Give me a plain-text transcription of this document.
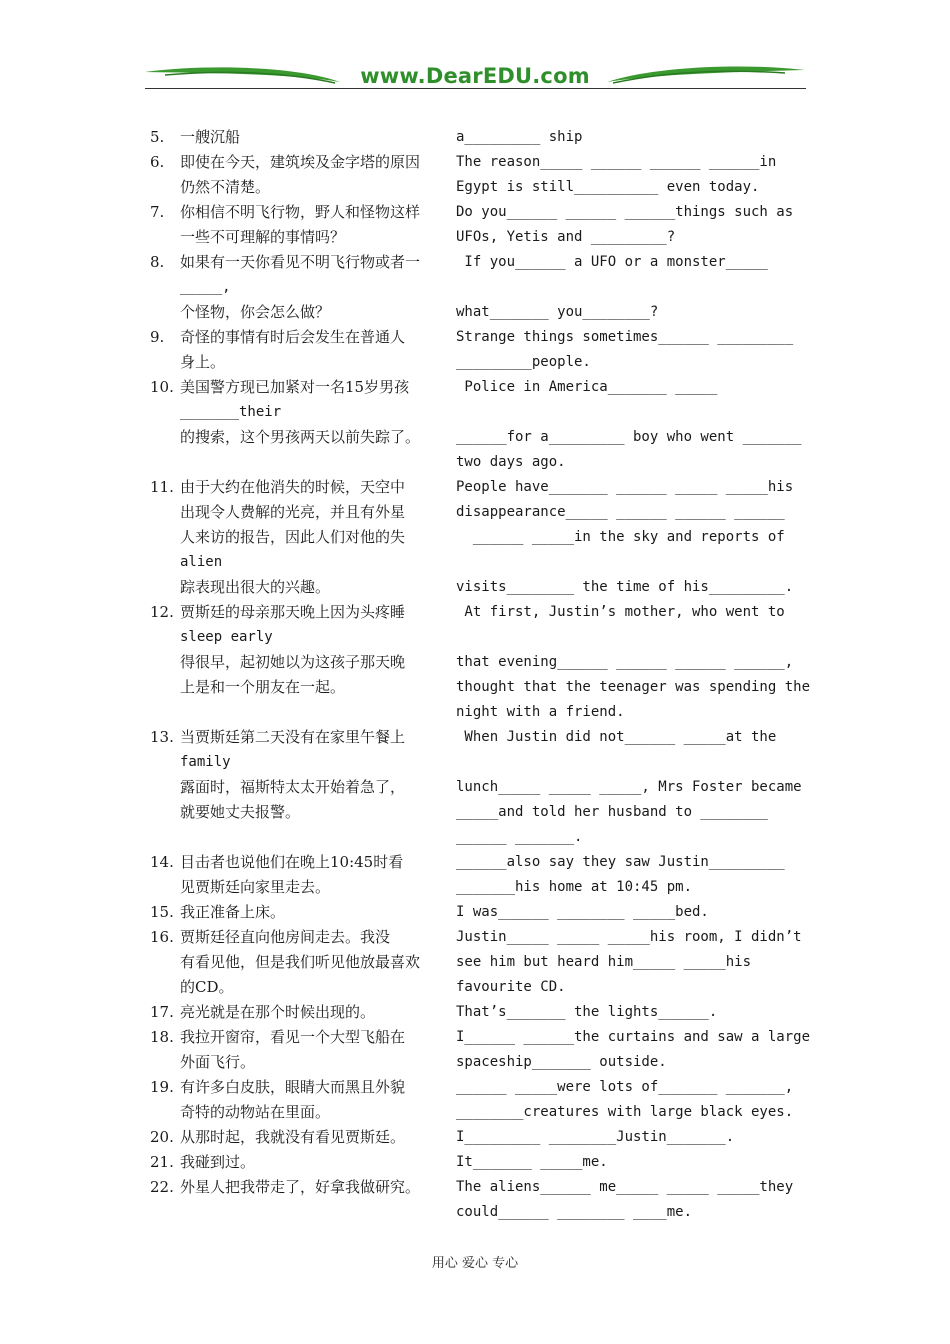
www.DearEDU.com
5.	一艘沉船	a_________ ship
6.	即使在今天，建筑埃及金字塔的原因	The reason_____ ______ ______ ______in
仍然不清楚。	Egypt is still__________ even today.
7.	你相信不明飞行物，野人和怪物这样	Do you______ ______ ______things such as
一些不可理解的事情吗？	UFOs, Yetis and _________?
8.	如果有一天你看见不明飞行物或者一	If you______ a UFO or a monster_____
_____,
个怪物，你会怎么做？	what_______ you________?
9.	奇怪的事情有时后会发生在普通人	Strange things sometimes______ _________
身上。	_________people.
10. 美国警方现已加紧对一名15岁男孩	Police in America_______ _____
_______their
的搜索，这个男孩两天以前失踪了。	______for a_________ boy who went _______
two days ago.
11. 由于大约在他消失的时候，天空中	People have_______ ______ _____ _____his
出现令人费解的光亮，并且有外星	disappearance_____ ______ ______ ______
人来访的报告，因此人们对他的失	______ _____in the sky and reports of
alien
踪表现出很大的兴趣。	visits________ the time of his_________.
12. 贾斯廷的母亲那天晚上因为头疼睡	At first, Justin’s mother, who went to
sleep early
得很早，起初她以为这孩子那天晚	that evening______ ______ ______ ______,
上是和一个朋友在一起。	thought that the teenager was spending the
night with a friend.
13. 当贾斯廷第二天没有在家里午餐上	When Justin did not______ _____at the
family
露面时，福斯特太太开始着急了，	lunch_____ _____ _____, Mrs Foster became
就要她丈夫报警。	_____and told her husband to ________
______ _______.
14. 目击者也说他们在晚上10:45时看	______also say they saw Justin_________
见贾斯廷向家里走去。	_______his home at 10:45 pm.
15. 我正准备上床。	I was______ ________ _____bed.
16. 贾斯廷径直向他房间走去。我没	Justin_____ _____ _____his room, I didn’t
有看见他，但是我们听见他放最喜欢	see him but heard him_____ _____his
的CD。	favourite CD.
17. 亮光就是在那个时候出现的。	That’s_______ the lights______.
18. 我拉开窗帘，看见一个大型飞船在	I______ ______the curtains and saw a large
外面飞行。	spaceship_______ outside.
19. 有许多白皮肤，眼睛大而黑且外貌	______ _____were lots of_______ _______,
奇特的动物站在里面。	________creatures with large black eyes.
20. 从那时起，我就没有看见贾斯廷。	I_________ ________Justin_______.
21. 我碰到过。	It_______ _____me.
22. 外星人把我带走了，好拿我做研究。	The aliens______ me_____ _____ _____they
could______ ________ ____me.
用心 爱心 专心
